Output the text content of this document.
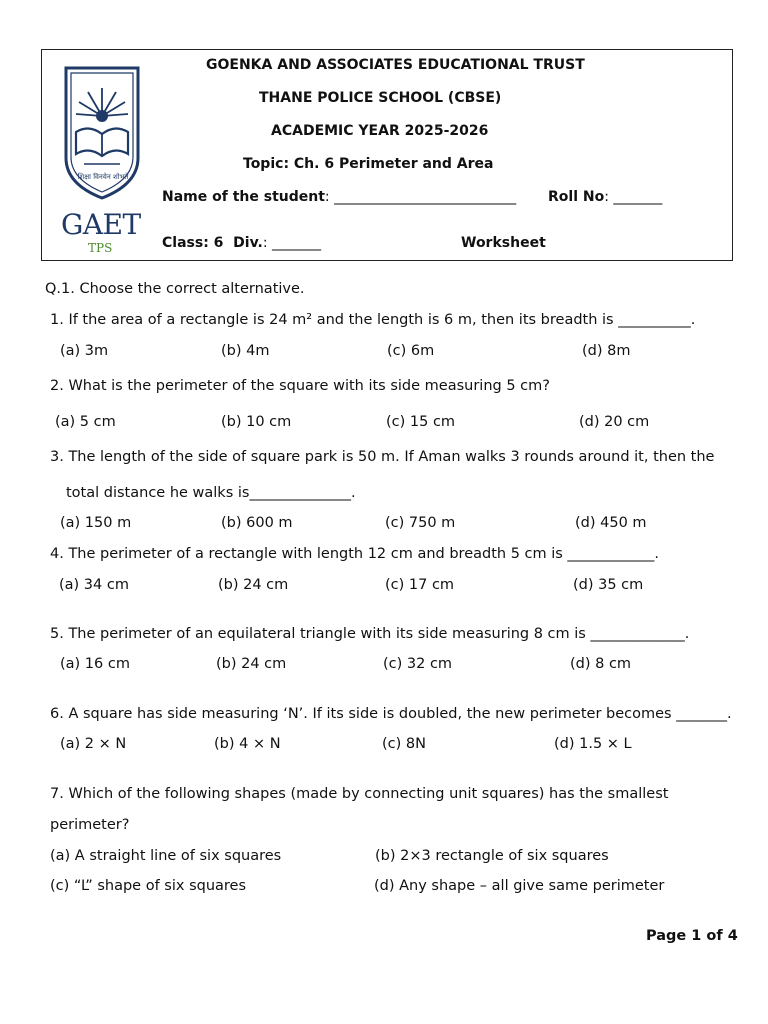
शिक्षा विनयेन शोभते
GAET
TPS
GOENKA AND ASSOCIATES EDUCATIONAL TRUST
THANE POLICE SCHOOL (CBSE)
ACADEMIC YEAR 2025-2026
Topic: Ch. 6 Perimeter and Area
Name of the student: __________________________ Roll No: _______
Class: 6 Div.: _______	Worksheet
Q.1. Choose the correct alternative.
1. If the area of a rectangle is 24 m² and the length is 6 m, then its breadth is __________.
(a) 3m	(b) 4m	(c) 6m	(d) 8m
2. What is the perimeter of the square with its side measuring 5 cm?
(a) 5 cm	(b) 10 cm	(c) 15 cm	(d) 20 cm
3. The length of the side of square park is 50 m. If Aman walks 3 rounds around it, then the
total distance he walks is______________.
(a) 150 m	(b) 600 m	(c) 750 m	(d) 450 m
4. The perimeter of a rectangle with length 12 cm and breadth 5 cm is ____________.
(a) 34 cm	(b) 24 cm	(c) 17 cm	(d) 35 cm
5. The perimeter of an equilateral triangle with its side measuring 8 cm is _____________.
(a) 16 cm	(b) 24 cm	(c) 32 cm	(d) 8 cm
6. A square has side measuring ‘N’. If its side is doubled, the new perimeter becomes _______.
(a) 2 × N	(b) 4 × N	(c) 8N	(d) 1.5 × L
7. Which of the following shapes (made by connecting unit squares) has the smallest
perimeter?
(a) A straight line of six squares	(b) 2×3 rectangle of six squares
(c) “L” shape of six squares	(d) Any shape – all give same perimeter
Page 1 of 4
